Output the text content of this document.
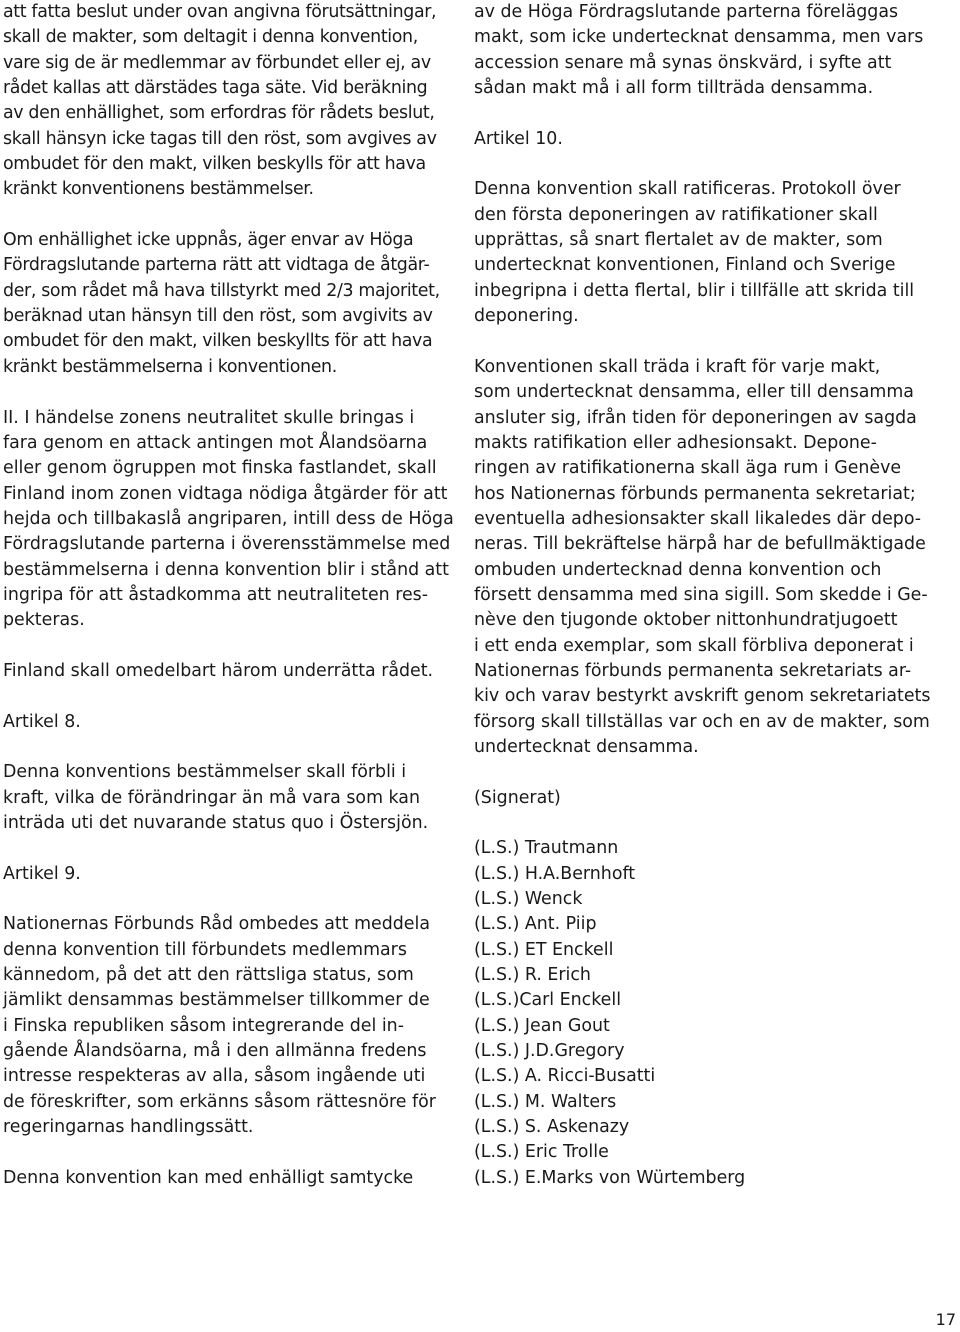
att fatta beslut under ovan angivna förutsättningar,
skall de makter, som deltagit i denna konvention,
vare sig de är medlemmar av förbundet eller ej, av
rådet kallas att därstädes taga säte. Vid beräkning
av den enhällighet, som erfordras för rådets beslut,
skall hänsyn icke tagas till den röst, som avgives av
ombudet för den makt, vilken beskylls för att hava
kränkt konventionens bestämmelser.
Om enhällighet icke uppnås, äger envar av Höga
Fördragslutande parterna rätt att vidtaga de åtgär-
der, som rådet må hava tillstyrkt med 2/3 majoritet,
beräknad utan hänsyn till den röst, som avgivits av
ombudet för den makt, vilken beskyllts för att hava
kränkt bestämmelserna i konventionen.
II. I händelse zonens neutralitet skulle bringas i
fara genom en attack antingen mot Ålandsöarna
eller genom ögruppen mot finska fastlandet, skall
Finland inom zonen vidtaga nödiga åtgärder för att
hejda och tillbakaslå angriparen, intill dess de Höga
Fördragslutande parterna i överensstämmelse med
bestämmelserna i denna konvention blir i stånd att
ingripa för att åstadkomma att neutraliteten res-
pekteras.
Finland skall omedelbart härom underrätta rådet.
Artikel 8.
Denna konventions bestämmelser skall förbli i
kraft, vilka de förändringar än må vara som kan
inträda uti det nuvarande status quo i Östersjön.
Artikel 9.
Nationernas Förbunds Råd ombedes att meddela
denna konvention till förbundets medlemmars
kännedom, på det att den rättsliga status, som
jämlikt densammas bestämmelser tillkommer de
i Finska republiken såsom integrerande del in-
gående Ålandsöarna, må i den allmänna fredens
intresse respekteras av alla, såsom ingående uti
de föreskrifter, som erkänns såsom rättesnöre för
regeringarnas handlingssätt.
Denna konvention kan med enhälligt samtycke
av de Höga Fördragslutande parterna föreläggas
makt, som icke undertecknat densamma, men vars
accession senare må synas önskvärd, i syfte att
sådan makt må i all form tillträda densamma.
Artikel 10.
Denna konvention skall ratificeras. Protokoll över
den första deponeringen av ratifikationer skall
upprättas, så snart flertalet av de makter, som
undertecknat konventionen, Finland och Sverige
inbegripna i detta flertal, blir i tillfälle att skrida till
deponering.
Konventionen skall träda i kraft för varje makt,
som undertecknat densamma, eller till densamma
ansluter sig, ifrån tiden för deponeringen av sagda
makts ratifikation eller adhesionsakt. Depone-
ringen av ratifikationerna skall äga rum i Genève
hos Nationernas förbunds permanenta sekretariat;
eventuella adhesionsakter skall likaledes där depo-
neras. Till bekräftelse härpå har de befullmäktigade
ombuden undertecknad denna konvention och
försett densamma med sina sigill. Som skedde i Ge-
nève den tjugonde oktober nittonhundratjugoett
i ett enda exemplar, som skall förbliva deponerat i
Nationernas förbunds permanenta sekretariats ar-
kiv och varav bestyrkt avskrift genom sekretariatets
försorg skall tillställas var och en av de makter, som
undertecknat densamma.
(Signerat)
(L.S.) Trautmann
(L.S.) H.A.Bernhoft
(L.S.) Wenck
(L.S.) Ant. Piip
(L.S.) ET Enckell
(L.S.) R. Erich
(L.S.)Carl Enckell
(L.S.) Jean Gout
(L.S.) J.D.Gregory
(L.S.) A. Ricci-Busatti
(L.S.) M. Walters
(L.S.) S. Askenazy
(L.S.) Eric Trolle
(L.S.) E.Marks von Würtemberg
17
